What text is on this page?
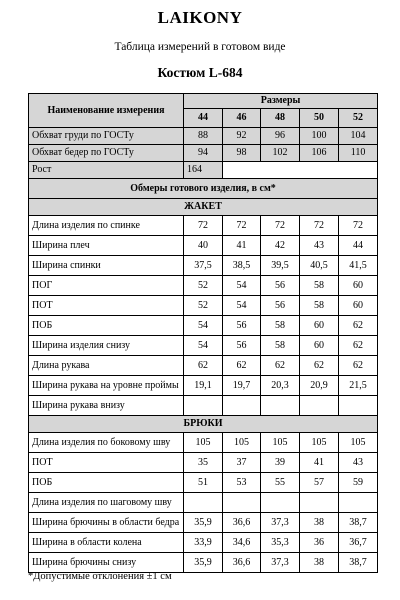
LAIKONY
Таблица измерений в готовом виде
Костюм L-684
Наименование измерения	Размеры				
	44	46	48	50	52
Обхват груди по ГОСТу	88	92	96	100	104
Обхват бедер по ГОСТу	94	98	102	106	110
Рост	164				
Обмеры готового изделия, в см*					
ЖАКЕТ					
Длина изделия по спинке	72	72	72	72	72
Ширина плеч	40	41	42	43	44
Ширина спинки	37,5	38,5	39,5	40,5	41,5
ПОГ	52	54	56	58	60
ПОТ	52	54	56	58	60
ПОБ	54	56	58	60	62
Ширина изделия снизу	54	56	58	60	62
Длина рукава	62	62	62	62	62
Ширина рукава на уровне проймы	19,1	19,7	20,3	20,9	21,5
Ширина рукава внизу					
БРЮКИ					
Длина изделия по боковому шву	105	105	105	105	105
ПОТ	35	37	39	41	43
ПОБ	51	53	55	57	59
Длина изделия по шаговому шву					
Ширина брючины в области бедра	35,9	36,6	37,3	38	38,7
Ширина в области колена	33,9	34,6	35,3	36	36,7
Ширина брючины снизу	35,9	36,6	37,3	38	38,7
*Допустимые отклонения ±1 см
